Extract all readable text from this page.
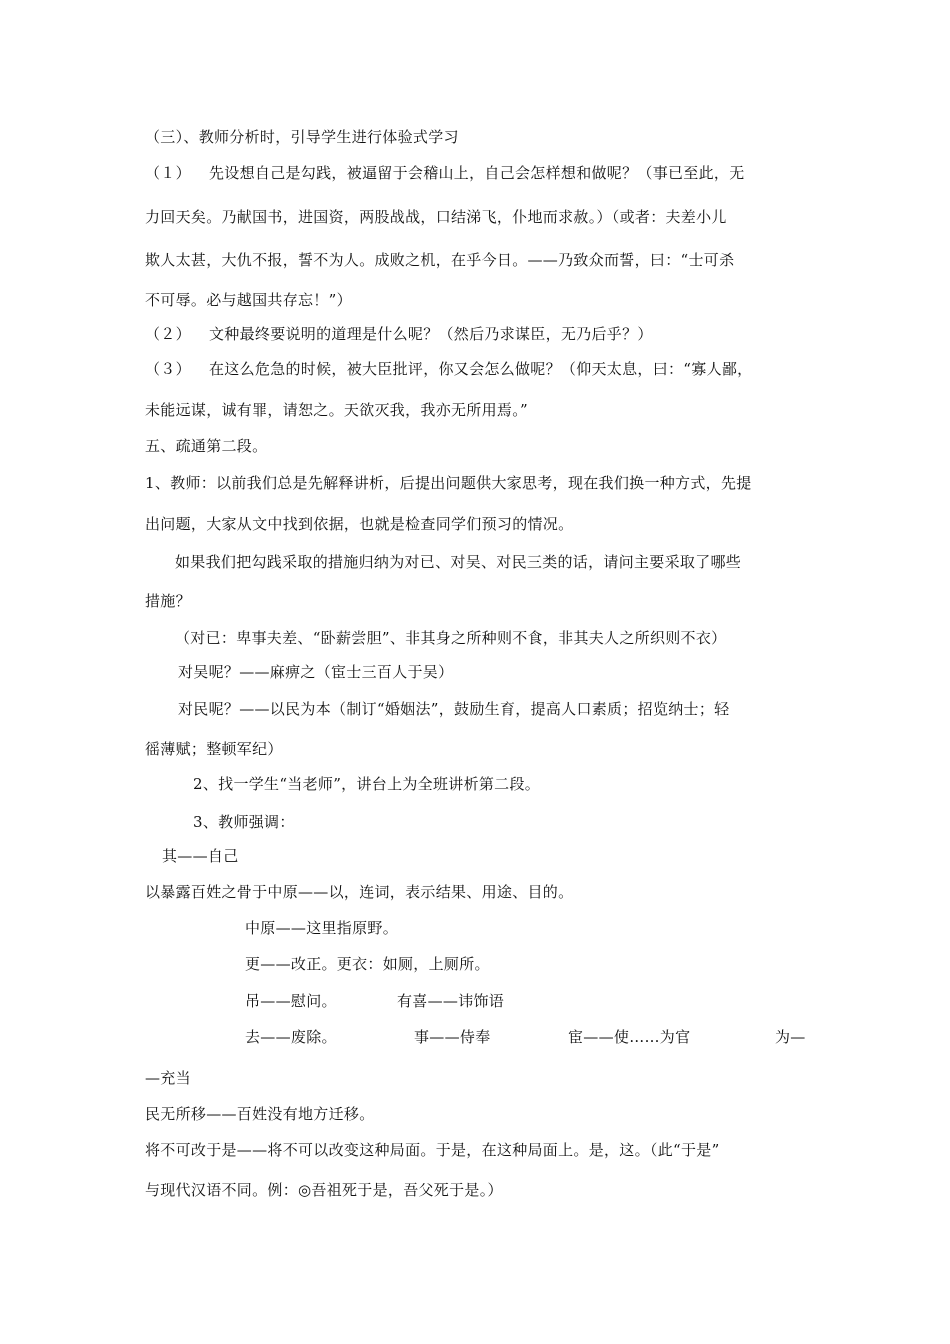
（三）、教师分析时，引导学生进行体验式学习
（１） 先设想自己是勾践，被逼留于会稽山上，自己会怎样想和做呢？（事已至此，无
力回天矣。乃献国书，进国资，两股战战，口结涕飞，仆地而求赦。）（或者：夫差小儿
欺人太甚，大仇不报，誓不为人。成败之机，在乎今日。——乃致众而誓，曰：“士可杀
不可辱。必与越国共存忘！”）
（２） 文种最终要说明的道理是什么呢？（然后乃求谋臣，无乃后乎？）
（３） 在这么危急的时候，被大臣批评，你又会怎么做呢？（仰天太息，曰：“寡人鄙，
未能远谋，诚有罪，请恕之。天欲灭我，我亦无所用焉。”
五、疏通第二段。
1、教师：以前我们总是先解释讲析，后提出问题供大家思考，现在我们换一种方式，先提
出问题，大家从文中找到依据，也就是检查同学们预习的情况。
如果我们把勾践采取的措施归纳为对已、对吴、对民三类的话，请问主要采取了哪些
措施？
（对已：卑事夫差、“卧薪尝胆”、非其身之所种则不食，非其夫人之所织则不衣）
对吴呢？——麻痹之（宦士三百人于吴）
对民呢？——以民为本（制订“婚姻法”，鼓励生育，提高人口素质；招览纳士；轻
徭薄赋；整顿军纪）
2、找一学生“当老师”，讲台上为全班讲析第二段。
3、教师强调：
其——自己
以暴露百姓之骨于中原——以，连词，表示结果、用途、目的。
中原——这里指原野。
更——改正。更衣：如厕，上厕所。
吊——慰问。	有喜——讳饰语
去——废除。	事——侍奉	宦——使……为官	为—
—充当
民无所移——百姓没有地方迁移。
将不可改于是——将不可以改变这种局面。于是，在这种局面上。是，这。（此“于是”
与现代汉语不同。例：◎吾祖死于是，吾父死于是。）
